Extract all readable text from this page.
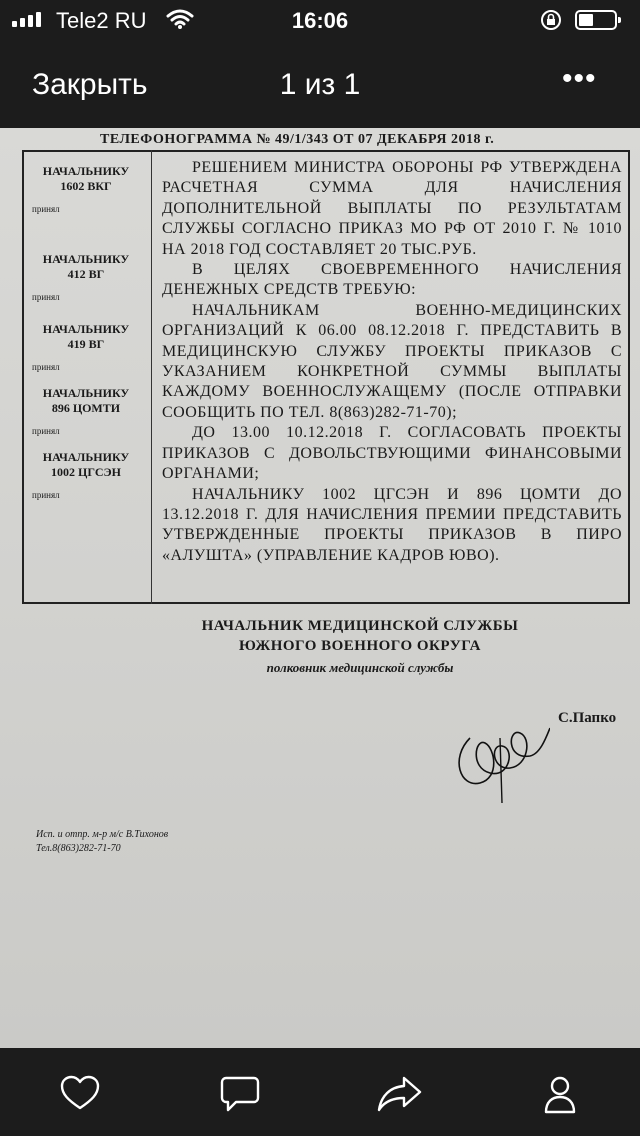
Tele2 RU	16:06
Закрыть	1 из 1	•••
ТЕЛЕФОНОГРАММА № 49/1/343 ОТ 07 ДЕКАБРЯ 2018 г.
НАЧАЛЬНИКУ
1602 ВКГ
принял
НАЧАЛЬНИКУ
412 ВГ
принял
НАЧАЛЬНИКУ
419 ВГ
принял
НАЧАЛЬНИКУ
896 ЦОМТИ
принял
НАЧАЛЬНИКУ
1002 ЦГСЭН
принял

РЕШЕНИЕМ МИНИСТРА ОБОРОНЫ РФ УТВЕРЖДЕНА РАСЧЕТНАЯ СУММА ДЛЯ НАЧИСЛЕНИЯ ДОПОЛНИТЕЛЬНОЙ ВЫПЛАТЫ ПО РЕЗУЛЬТАТАМ СЛУЖБЫ СОГЛАСНО ПРИКАЗ МО РФ ОТ 2010 Г. № 1010 НА 2018 ГОД СОСТАВЛЯЕТ 20 ТЫС.РУБ.

В ЦЕЛЯХ СВОЕВРЕМЕННОГО НАЧИСЛЕНИЯ ДЕНЕЖНЫХ СРЕДСТВ ТРЕБУЮ:

НАЧАЛЬНИКАМ ВОЕННО-МЕДИЦИНСКИХ ОРГАНИЗАЦИЙ К 06.00 08.12.2018 Г. ПРЕДСТАВИТЬ В МЕДИЦИНСКУЮ СЛУЖБУ ПРОЕКТЫ ПРИКАЗОВ С УКАЗАНИЕМ КОНКРЕТНОЙ СУММЫ ВЫПЛАТЫ КАЖДОМУ ВОЕННОСЛУЖАЩЕМУ (ПОСЛЕ ОТПРАВКИ СООБЩИТЬ ПО ТЕЛ. 8(863)282-71-70);

ДО 13.00 10.12.2018 Г. СОГЛАСОВАТЬ ПРОЕКТЫ ПРИКАЗОВ С ДОВОЛЬСТВУЮЩИМИ ФИНАНСОВЫМИ ОРГАНАМИ;

НАЧАЛЬНИКУ 1002 ЦГСЭН И 896 ЦОМТИ ДО 13.12.2018 Г. ДЛЯ НАЧИСЛЕНИЯ ПРЕМИИ ПРЕДСТАВИТЬ УТВЕРЖДЕННЫЕ ПРОЕКТЫ ПРИКАЗОВ В ПИРО «АЛУШТА» (УПРАВЛЕНИЕ КАДРОВ ЮВО).

НАЧАЛЬНИК МЕДИЦИНСКОЙ СЛУЖБЫ
ЮЖНОГО ВОЕННОГО ОКРУГА
полковник медицинской службы
С.Папко
Исп. и отпр. м-р м/с В.Тихонов
Тел.8(863)282-71-70
